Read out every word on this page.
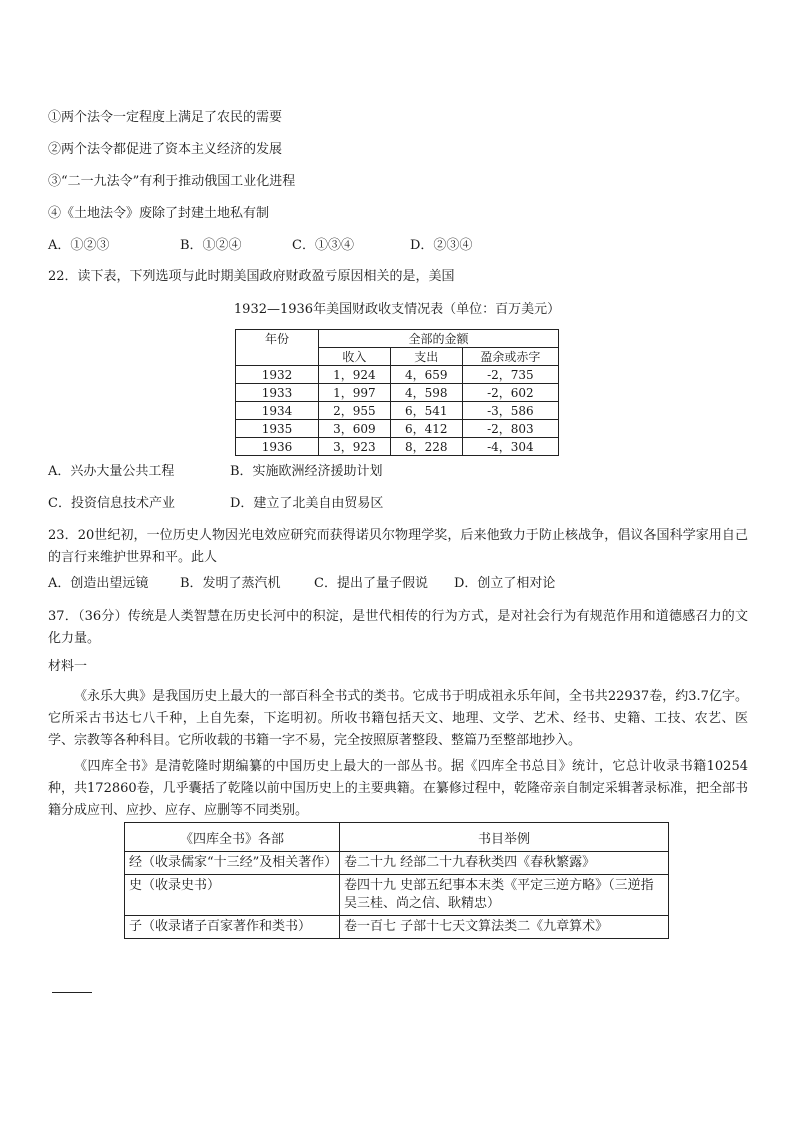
①两个法令一定程度上满足了农民的需要
②两个法令都促进了资本主义经济的发展
③“二一九法令”有利于推动俄国工业化进程
④《土地法令》废除了封建土地私有制
A．①②③	B．①②④	C．①③④	D．②③④
22．读下表，下列选项与此时期美国政府财政盈亏原因相关的是，美国
1932—1936年美国财政收支情况表（单位：百万美元）
年份	全部的金额		
	收入	支出	盈余或赤字
1932	1，924	4，659	-2，735
1933	1，997	4，598	-2，602
1934	2，955	6，541	-3，586
1935	3，609	6，412	-2，803
1936	3，923	8，228	-4，304
A．兴办大量公共工程	B．实施欧洲经济援助计划
C．投资信息技术产业	D．建立了北美自由贸易区
23．20世纪初，一位历史人物因光电效应研究而获得诺贝尔物理学奖，后来他致力于防止核战争，倡议各国科学家用自己的言行来维护世界和平。此人
A．创造出望远镜 B．发明了蒸汽机	C．提出了量子假说 D．创立了相对论
37．（36分）传统是人类智慧在历史长河中的积淀，是世代相传的行为方式，是对社会行为有规范作用和道德感召力的文化力量。
材料一
《永乐大典》是我国历史上最大的一部百科全书式的类书。它成书于明成祖永乐年间，全书共22937卷，约3.7亿字。它所采古书达七八千种，上自先秦，下迄明初。所收书籍包括天文、地理、文学、艺术、经书、史籍、工技、农艺、医学、宗教等各种科目。它所收载的书籍一字不易，完全按照原著整段、整篇乃至整部地抄入。
《四库全书》是清乾隆时期编纂的中国历史上最大的一部丛书。据《四库全书总目》统计，它总计收录书籍10254种，共172860卷，几乎囊括了乾隆以前中国历史上的主要典籍。在纂修过程中，乾隆帝亲自制定采辑著录标准，把全部书籍分成应刊、应抄、应存、应删等不同类别。
《四库全书》各部	书目举例
经（收录儒家“十三经”及相关著作）	卷二十九 经部二十九春秋类四《春秋繁露》
史（收录史书）	卷四十九 史部五纪事本末类《平定三逆方略》（三逆指吴三桂、尚之信、耿精忠）
子（收录诸子百家著作和类书）	卷一百七 子部十七天文算法类二《九章算术》
